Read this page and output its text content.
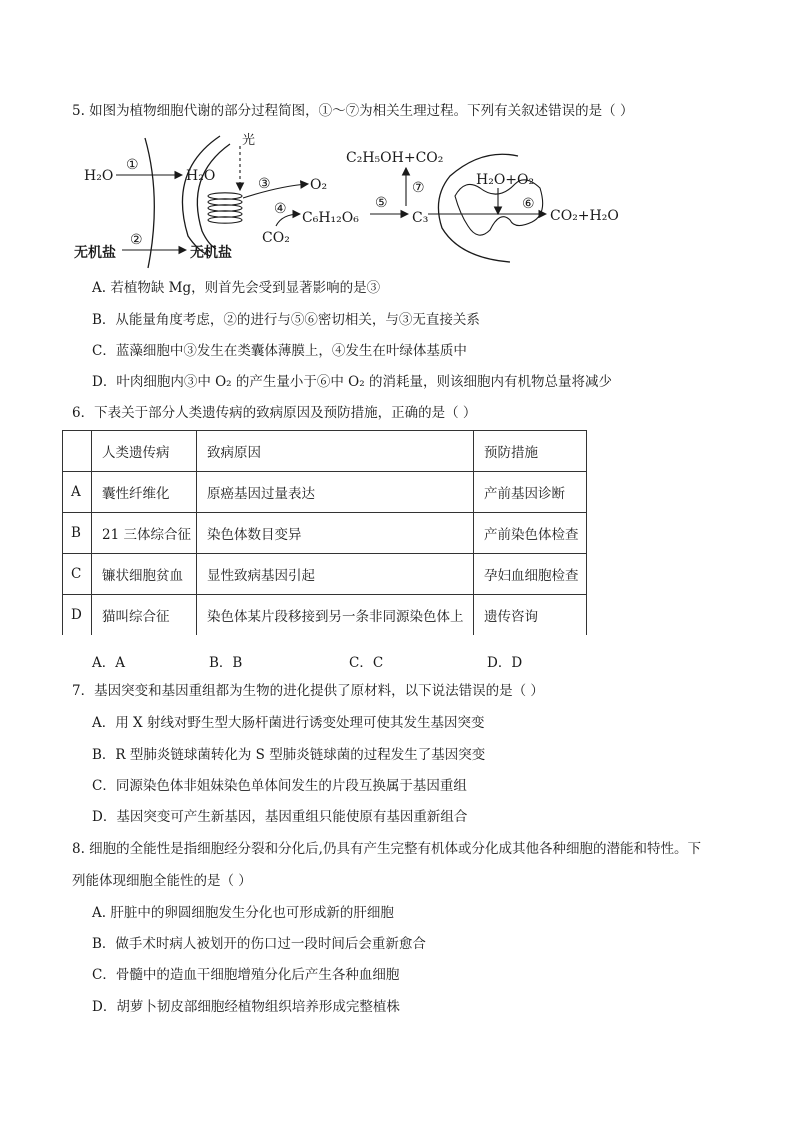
5. 如图为植物细胞代谢的部分过程简图，①～⑦为相关生理过程。下列有关叙述错误的是（ ）
光
H₂O
①
H₂O	③	O₂
CO₂
④
C₆H₁₂O₆
⑤
C₃
⑦
C₂H₅OH+CO₂
H₂O+O₂
⑥
CO₂+H₂O
无机盐
②
无机盐
A. 若植物缺 Mg，则首先会受到显著影响的是③
B．从能量角度考虑，②的进行与⑤⑥密切相关，与③无直接关系
C．蓝藻细胞中③发生在类囊体薄膜上，④发生在叶绿体基质中
D．叶肉细胞内③中 O₂ 的产生量小于⑥中 O₂ 的消耗量，则该细胞内有机物总量将减少
6．下表关于部分人类遗传病的致病原因及预防措施，正确的是（ ）
	人类遗传病	致病原因	预防措施
A	囊性纤维化	原癌基因过量表达	产前基因诊断
B	21 三体综合征	染色体数目变异	产前染色体检查
C	镰状细胞贫血	显性致病基因引起	孕妇血细胞检查
D	猫叫综合征	染色体某片段移接到另一条非同源染色体上	遗传咨询
A．A	B．B	C．C	D．D
7．基因突变和基因重组都为生物的进化提供了原材料，以下说法错误的是（ ）
A．用 X 射线对野生型大肠杆菌进行诱变处理可使其发生基因突变
B．R 型肺炎链球菌转化为 S 型肺炎链球菌的过程发生了基因突变
C．同源染色体非姐妹染色单体间发生的片段互换属于基因重组
D．基因突变可产生新基因，基因重组只能使原有基因重新组合
8. 细胞的全能性是指细胞经分裂和分化后,仍具有产生完整有机体或分化成其他各种细胞的潜能和特性。下
列能体现细胞全能性的是（ ）
A. 肝脏中的卵圆细胞发生分化也可形成新的肝细胞
B．做手术时病人被划开的伤口过一段时间后会重新愈合
C．骨髓中的造血干细胞增殖分化后产生各种血细胞
D．胡萝卜韧皮部细胞经植物组织培养形成完整植株
